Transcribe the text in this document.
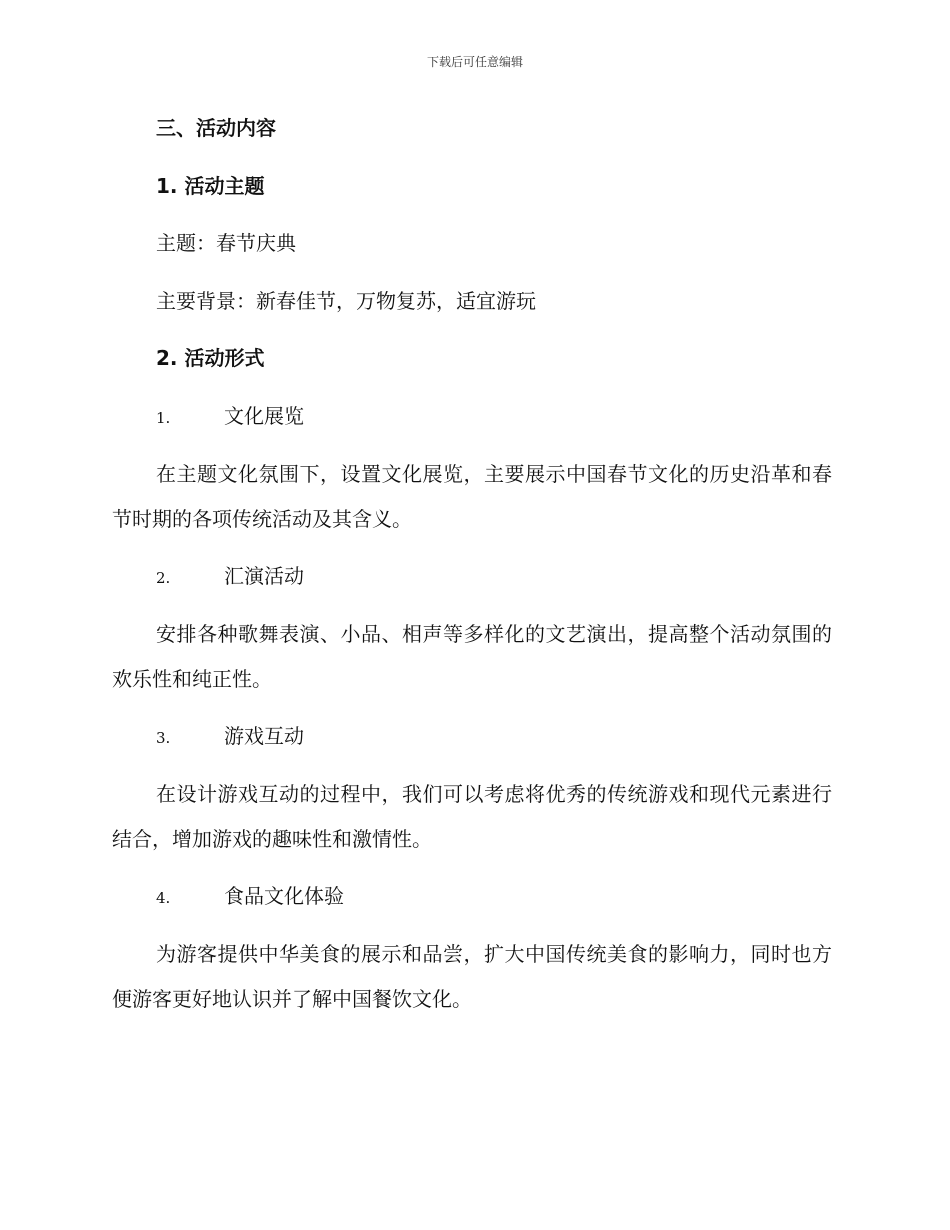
下载后可任意编辑
三、活动内容
1. 活动主题
主题：春节庆典
主要背景：新春佳节，万物复苏，适宜游玩
2. 活动形式
1.	文化展览
在主题文化氛围下，设置文化展览，主要展示中国春节文化的历史沿革和春节时期的各项传统活动及其含义。
2.	汇演活动
安排各种歌舞表演、小品、相声等多样化的文艺演出，提高整个活动氛围的欢乐性和纯正性。
3.	游戏互动
在设计游戏互动的过程中，我们可以考虑将优秀的传统游戏和现代元素进行结合，增加游戏的趣味性和激情性。
4.	食品文化体验
为游客提供中华美食的展示和品尝，扩大中国传统美食的影响力，同时也方便游客更好地认识并了解中国餐饮文化。
